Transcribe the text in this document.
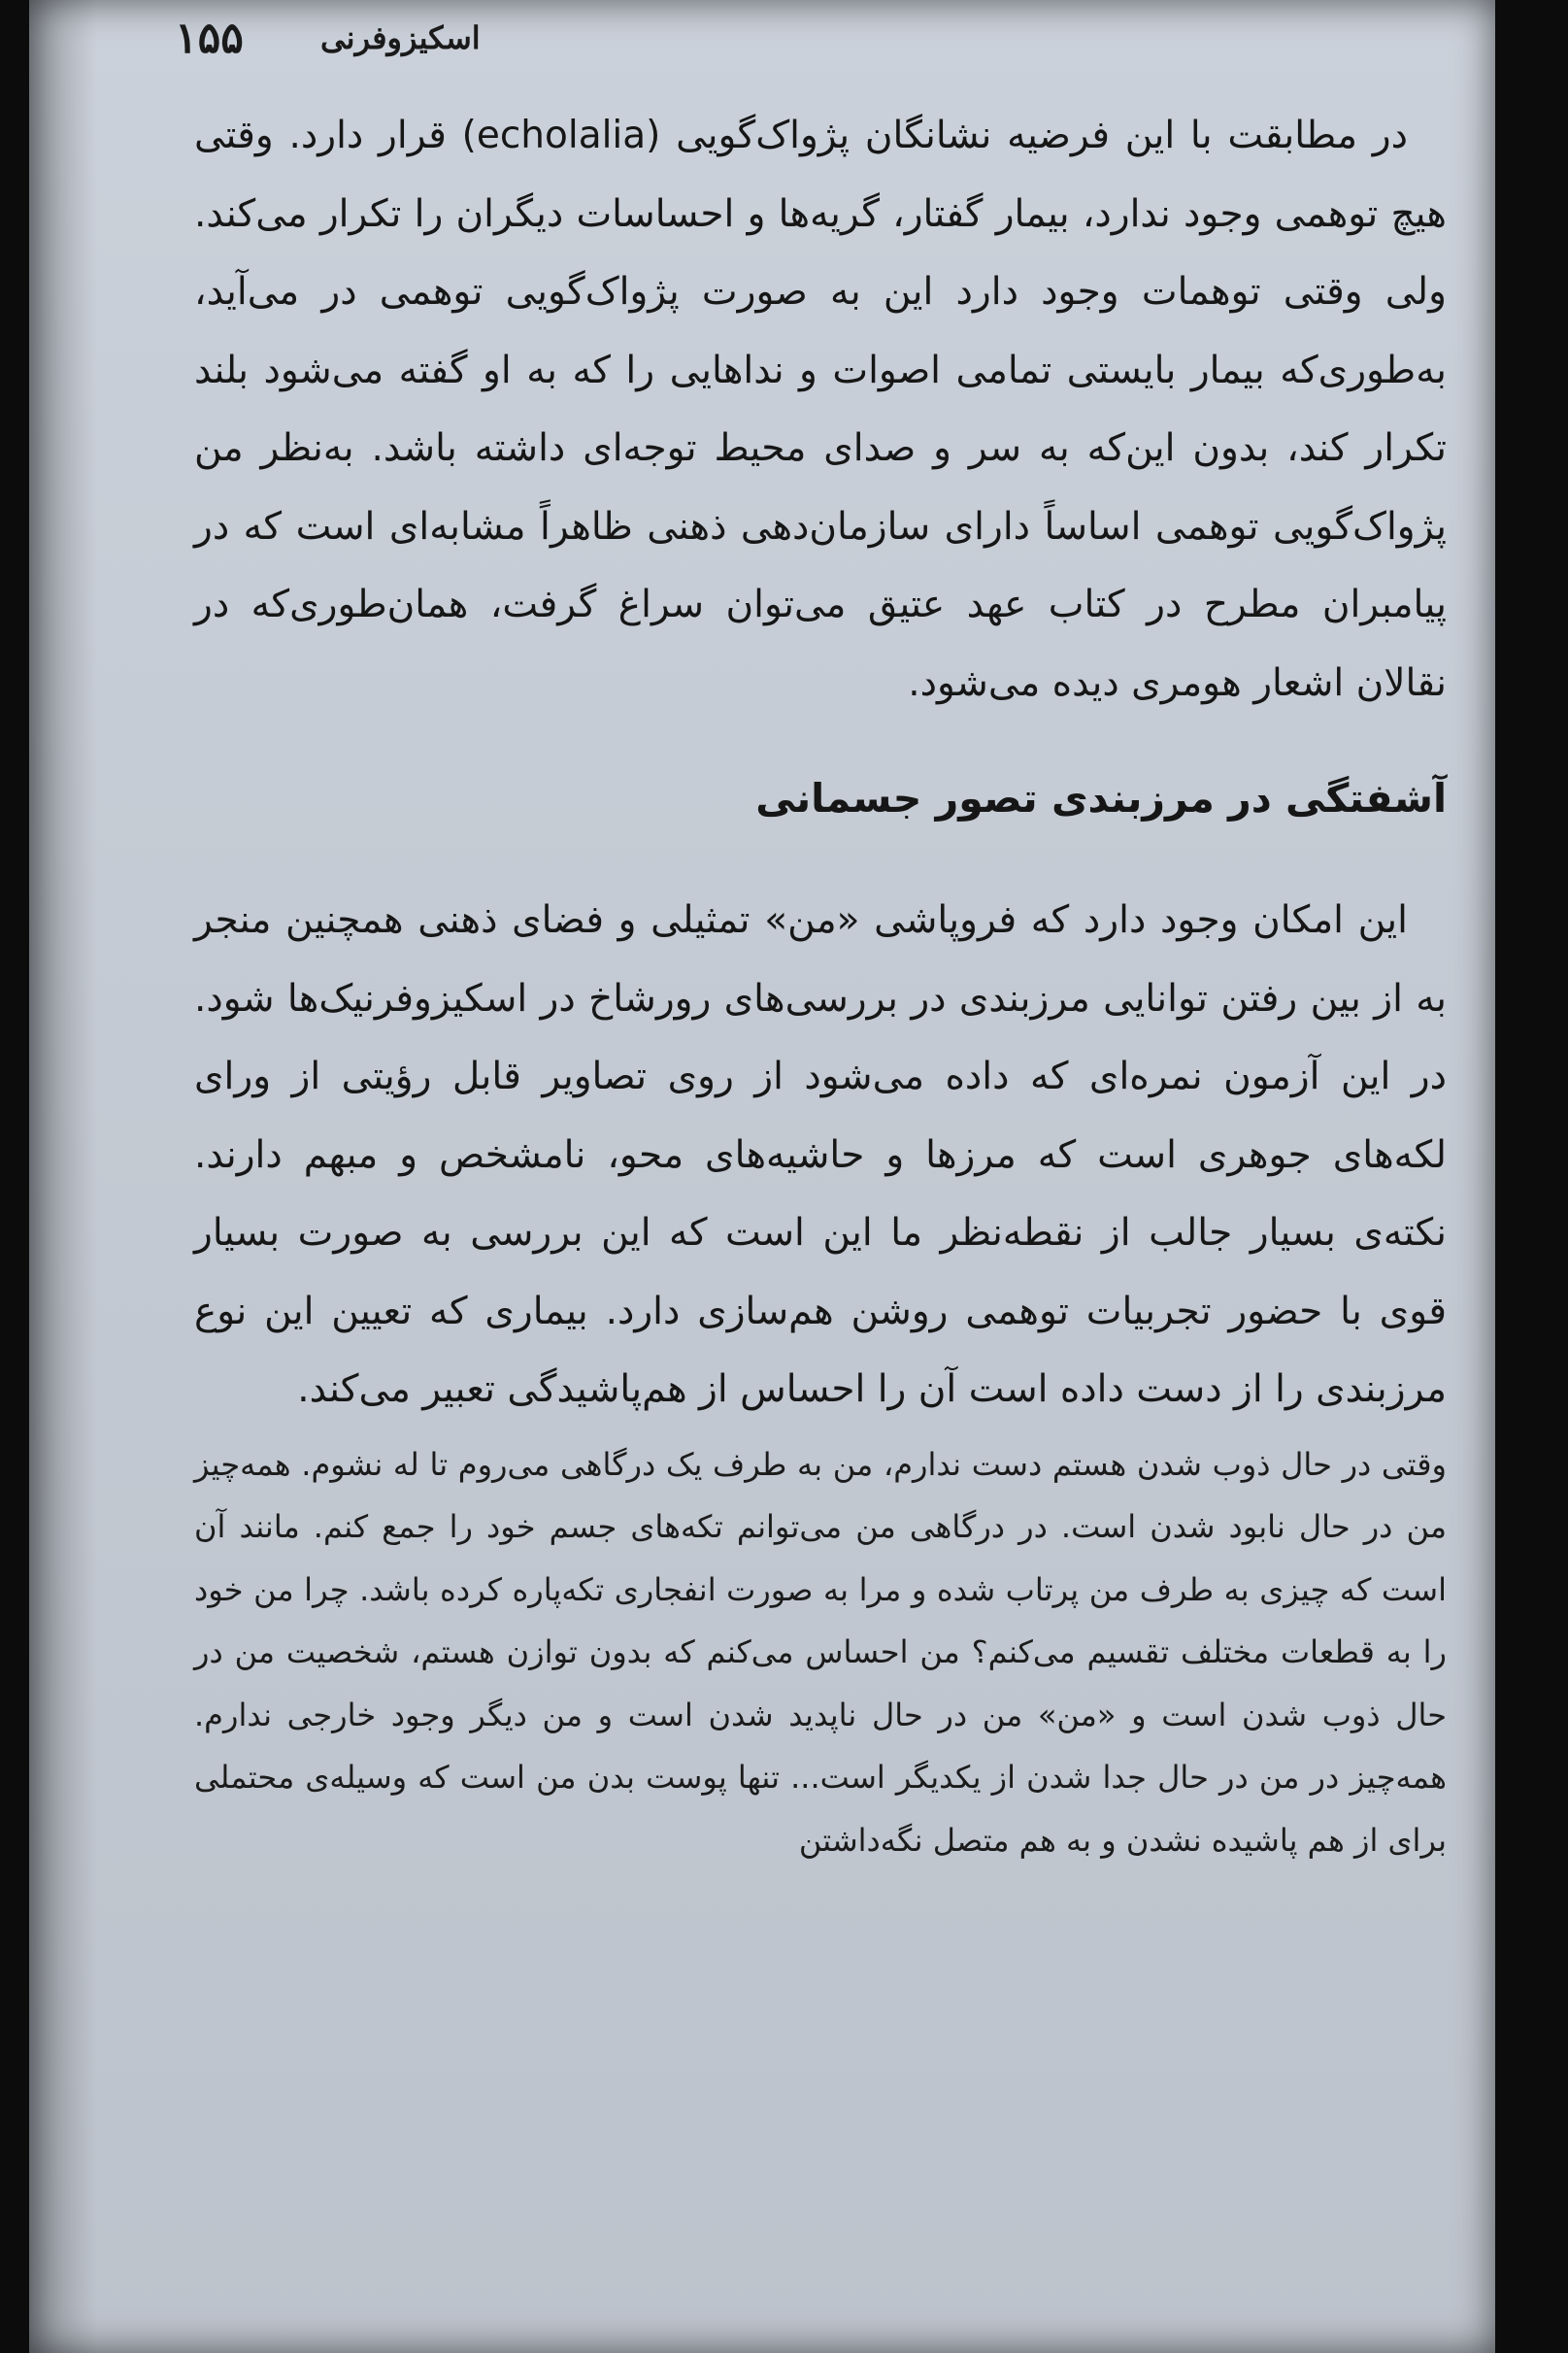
۱۵۵ اسکیزوفرنی

در مطابقت با این فرضیه نشانگان پژواک‌گویی (echolalia) قرار دارد. وقتی هیچ توهمی وجود ندارد، بیمار گفتار، گریه‌ها و احساسات دیگران را تکرار می‌کند. ولی وقتی توهمات وجود دارد این به صورت پژواک‌گویی توهمی در می‌آید، به‌طوری‌که بیمار بایستی تمامی اصوات و نداهایی را که به او گفته می‌شود بلند تکرار کند، بدون این‌که به سر و صدای محیط توجه‌ای داشته باشد. به‌نظر من پژواک‌گویی توهمی اساساً دارای سازمان‌دهی ذهنی ظاهراً مشابه‌ای است که در پیامبران مطرح در کتاب عهد عتیق می‌توان سراغ گرفت، همان‌طوری‌که در نقالان اشعار هومری دیده می‌شود.

آشفتگی در مرزبندی تصور جسمانی

این امکان وجود دارد که فروپاشی «من» تمثیلی و فضای ذهنی همچنین منجر به از بین رفتن توانایی مرزبندی در بررسی‌های رورشاخ در اسکیزوفرنیک‌ها شود. در این آزمون نمره‌ای که داده می‌شود از روی تصاویر قابل رؤیتی از ورای لکه‌های جوهری است که مرزها و حاشیه‌های محو، نامشخص و مبهم دارند. نکته‌ی بسیار جالب از نقطه‌نظر ما این است که این بررسی به صورت بسیار قوی با حضور تجربیات توهمی روشن هم‌سازی دارد. بیماری که تعیین این نوع مرزبندی را از دست داده است آن را احساس از هم‌پاشیدگی تعبیر می‌کند.

وقتی در حال ذوب شدن هستم دست ندارم، من به طرف یک درگاهی می‌روم تا له نشوم. همه‌چیز من در حال نابود شدن است. در درگاهی من می‌توانم تکه‌های جسم خود را جمع کنم. مانند آن است که چیزی به طرف من پرتاب شده و مرا به صورت انفجاری تکه‌پاره کرده باشد. چرا من خود را به قطعات مختلف تقسیم می‌کنم؟ من احساس می‌کنم که بدون توازن هستم، شخصیت من در حال ذوب شدن است و «من» من در حال ناپدید شدن است و من دیگر وجود خارجی ندارم. همه‌چیز در من در حال جدا شدن از یکدیگر است... تنها پوست بدن من است که وسیله‌ی محتملی برای از هم پاشیده نشدن و به هم متصل نگه‌داشتن
